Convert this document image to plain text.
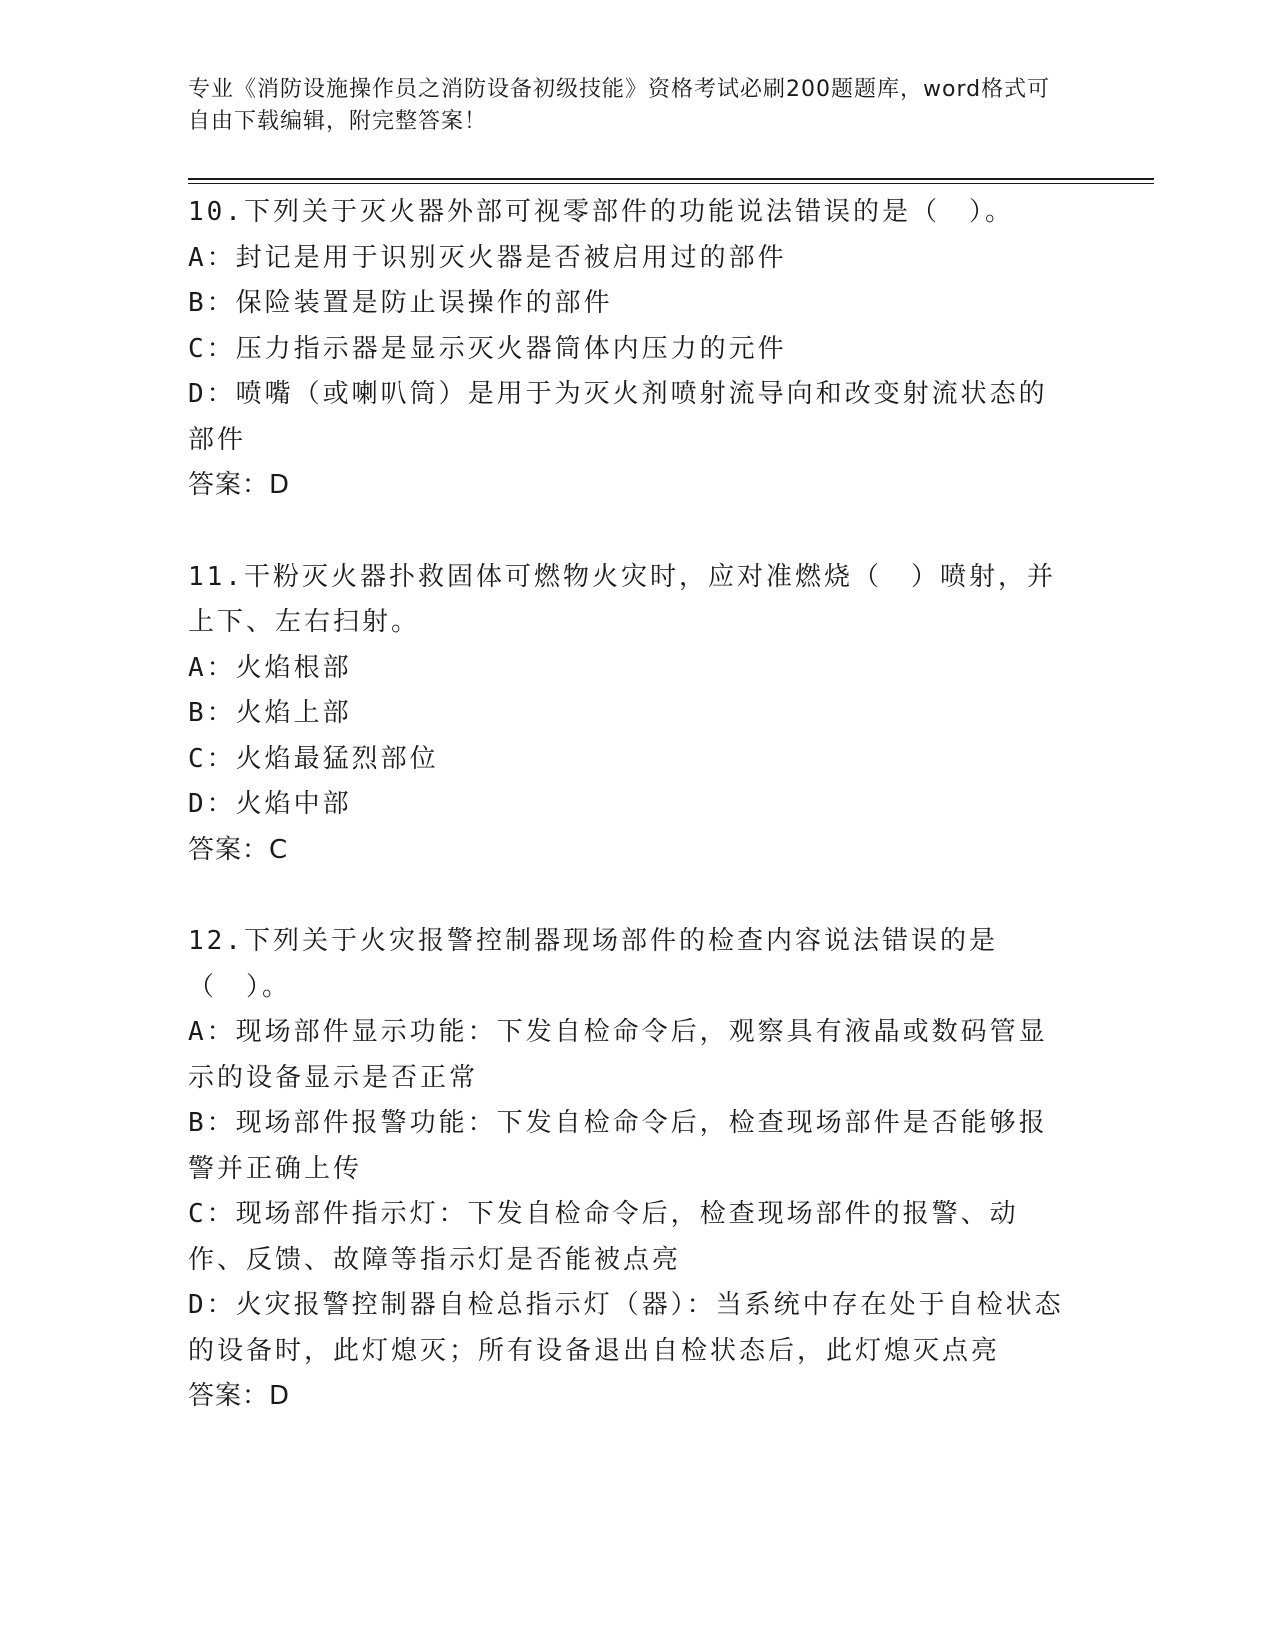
专业《消防设施操作员之消防设备初级技能》资格考试必刷200题题库，word格式可自由下载编辑，附完整答案！
10.下列关于灭火器外部可视零部件的功能说法错误的是（　）。
A：封记是用于识别灭火器是否被启用过的部件
B：保险装置是防止误操作的部件
C：压力指示器是显示灭火器筒体内压力的元件
D：喷嘴（或喇叭筒）是用于为灭火剂喷射流导向和改变射流状态的部件
答案：D
11.干粉灭火器扑救固体可燃物火灾时，应对准燃烧（　）喷射，并上下、左右扫射。
A：火焰根部
B：火焰上部
C：火焰最猛烈部位
D：火焰中部
答案：C
12.下列关于火灾报警控制器现场部件的检查内容说法错误的是（　）。
A：现场部件显示功能：下发自检命令后，观察具有液晶或数码管显示的设备显示是否正常
B：现场部件报警功能：下发自检命令后，检查现场部件是否能够报警并正确上传
C：现场部件指示灯：下发自检命令后，检查现场部件的报警、动作、反馈、故障等指示灯是否能被点亮
D：火灾报警控制器自检总指示灯（器）：当系统中存在处于自检状态的设备时，此灯熄灭；所有设备退出自检状态后，此灯熄灭点亮
答案：D
